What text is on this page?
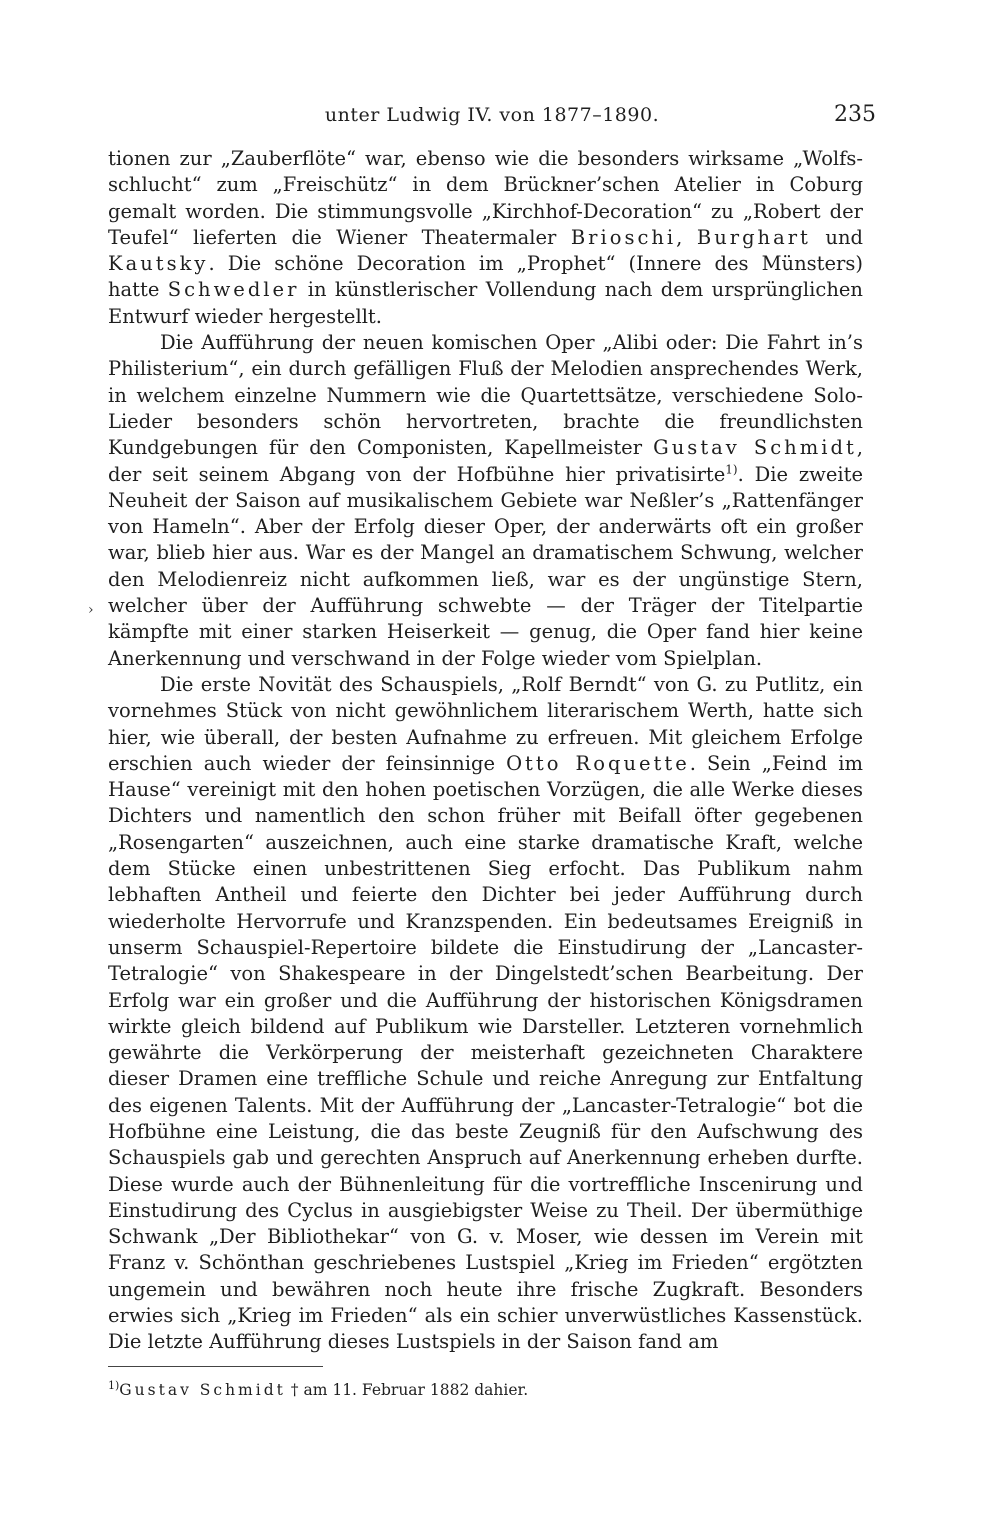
unter Ludwig IV. von 1877–1890.	235
›

tionen zur „Zauberflöte“ war, ebenso wie die besonders wirksame „Wolfs-schlucht“ zum „Freischütz“ in dem Brückner’schen Atelier in Coburg gemalt worden. Die stimmungsvolle „Kirchhof-Decoration“ zu „Robert der Teufel“ lieferten die Wiener Theatermaler Brioschi, Burghart und Kautsky. Die schöne Decoration im „Prophet“ (Innere des Münsters) hatte Schwedler in künstlerischer Vollendung nach dem ursprünglichen Entwurf wieder hergestellt.

Die Aufführung der neuen komischen Oper „Alibi oder: Die Fahrt in’s Philisterium“, ein durch gefälligen Fluß der Melodien ansprechendes Werk, in welchem einzelne Nummern wie die Quartettsätze, verschiedene Solo-Lieder besonders schön hervortreten, brachte die freundlichsten Kundgebungen für den Componisten, Kapellmeister Gustav Schmidt, der seit seinem Abgang von der Hofbühne hier privatisirte$^{1)}$. Die zweite Neuheit der Saison auf musikalischem Gebiete war Neßler’s „Rattenfänger von Hameln“. Aber der Erfolg dieser Oper, der anderwärts oft ein großer war, blieb hier aus. War es der Mangel an dramatischem Schwung, welcher den Melodienreiz nicht aufkommen ließ, war es der ungünstige Stern, welcher über der Aufführung schwebte — der Träger der Titelpartie kämpfte mit einer starken Heiserkeit — genug, die Oper fand hier keine Anerkennung und verschwand in der Folge wieder vom Spielplan.

Die erste Novität des Schauspiels, „Rolf Berndt“ von G. zu Putlitz, ein vornehmes Stück von nicht gewöhnlichem literarischem Werth, hatte sich hier, wie überall, der besten Aufnahme zu erfreuen. Mit gleichem Erfolge erschien auch wieder der feinsinnige Otto Roquette. Sein „Feind im Hause“ vereinigt mit den hohen poetischen Vorzügen, die alle Werke dieses Dichters und namentlich den schon früher mit Beifall öfter gegebenen „Rosengarten“ auszeichnen, auch eine starke dramatische Kraft, welche dem Stücke einen unbestrittenen Sieg erfocht. Das Publikum nahm lebhaften Antheil und feierte den Dichter bei jeder Aufführung durch wiederholte Hervorrufe und Kranzspenden. Ein bedeutsames Ereigniß in unserm Schauspiel-Repertoire bildete die Einstudirung der „Lancaster-Tetralogie“ von Shakespeare in der Dingelstedt’schen Bearbeitung. Der Erfolg war ein großer und die Aufführung der historischen Königsdramen wirkte gleich bildend auf Publikum wie Darsteller. Letzteren vornehmlich gewährte die Verkörperung der meisterhaft gezeichneten Charaktere dieser Dramen eine treffliche Schule und reiche Anregung zur Entfaltung des eigenen Talents. Mit der Aufführung der „Lancaster-Tetralogie“ bot die Hofbühne eine Leistung, die das beste Zeugniß für den Aufschwung des Schauspiels gab und gerechten Anspruch auf Anerkennung erheben durfte. Diese wurde auch der Bühnenleitung für die vortreffliche Inscenirung und Einstudirung des Cyclus in ausgiebigster Weise zu Theil. Der übermüthige Schwank „Der Bibliothekar“ von G. v. Moser, wie dessen im Verein mit Franz v. Schönthan geschriebenes Lustspiel „Krieg im Frieden“ ergötzten ungemein und bewähren noch heute ihre frische Zugkraft. Besonders erwies sich „Krieg im Frieden“ als ein schier unverwüstliches Kassenstück. Die letzte Aufführung dieses Lustspiels in der Saison fand am

$^{1)}$Gustav Schmidt † am 11. Februar 1882 dahier.
